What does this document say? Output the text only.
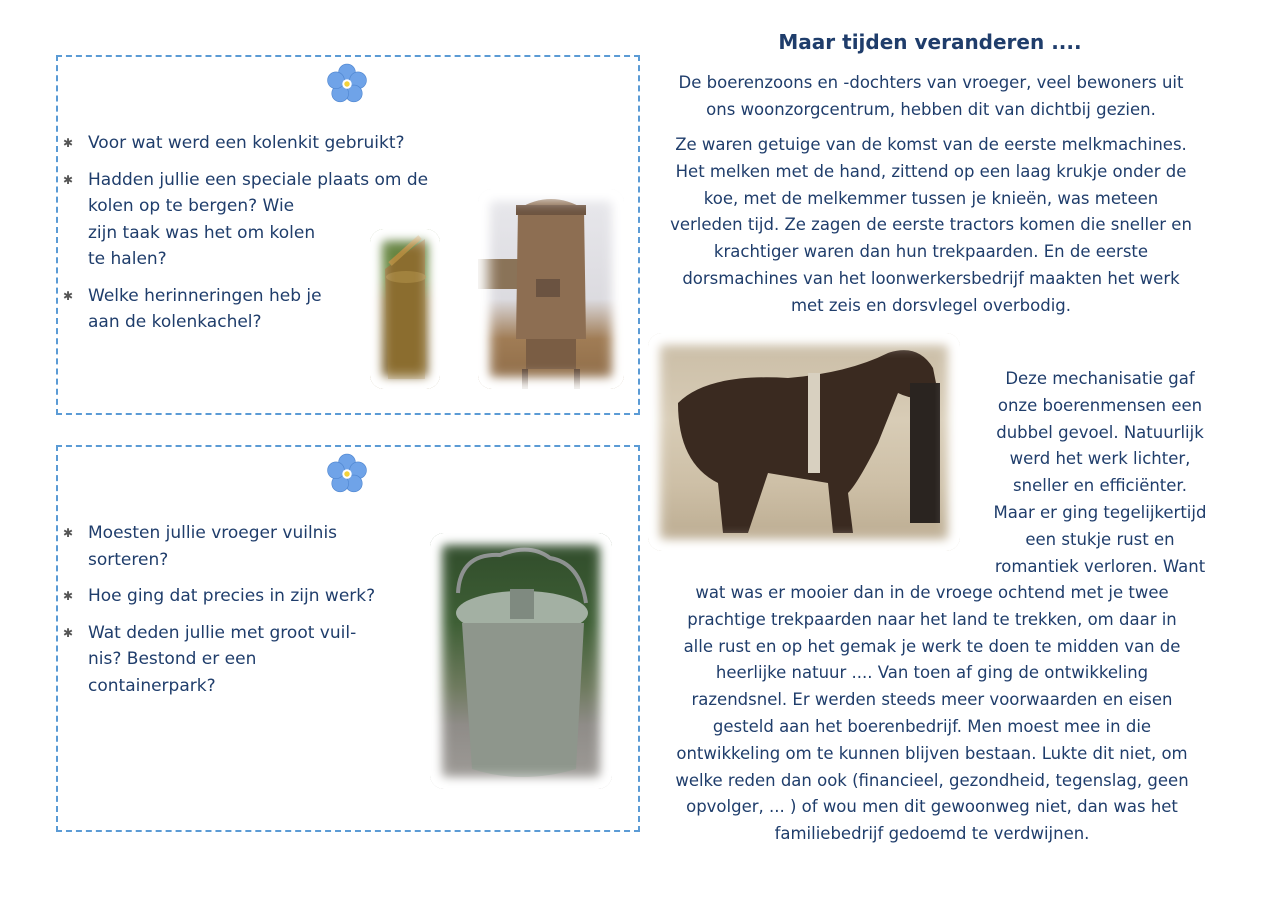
✱ Voor wat werd een kolenkit gebruikt?
✱ Hadden jullie een speciale plaats om de
kolen op te bergen? Wie
zijn taak was het om kolen
te halen?
✱ Welke herinneringen heb je
aan de kolenkachel?
✱ Moesten jullie vroeger vuilnis
sorteren?
✱ Hoe ging dat precies in zijn werk?
✱ Wat deden jullie met groot vuil-
nis? Bestond er een
containerpark?
Maar tijden veranderen ....

De boerenzoons en -dochters van vroeger, veel bewoners uit
ons woonzorgcentrum, hebben dit van dichtbij gezien.

Ze waren getuige van de komst van de eerste melkmachines.
Het melken met de hand, zittend op een laag krukje onder de
koe, met de melkemmer tussen je knieën, was meteen
verleden tijd. Ze zagen de eerste tractors komen die sneller en
krachtiger waren dan hun trekpaarden. En de eerste
dorsmachines van het loonwerkersbedrijf maakten het werk
met zeis en dorsvlegel overbodig.

Deze mechanisatie gaf
onze boerenmensen een
dubbel gevoel. Natuurlijk
werd het werk lichter,
sneller en efficiënter.
Maar er ging tegelijkertijd
een stukje rust en
romantiek verloren. Want

wat was er mooier dan in de vroege ochtend met je twee
prachtige trekpaarden naar het land te trekken, om daar in
alle rust en op het gemak je werk te doen te midden van de
heerlijke natuur .... Van toen af ging de ontwikkeling
razendsnel. Er werden steeds meer voorwaarden en eisen
gesteld aan het boerenbedrijf. Men moest mee in die
ontwikkeling om te kunnen blijven bestaan. Lukte dit niet, om
welke reden dan ook (financieel, gezondheid, tegenslag, geen
opvolger, ... ) of wou men dit gewoonweg niet, dan was het
familiebedrijf gedoemd te verdwijnen.
